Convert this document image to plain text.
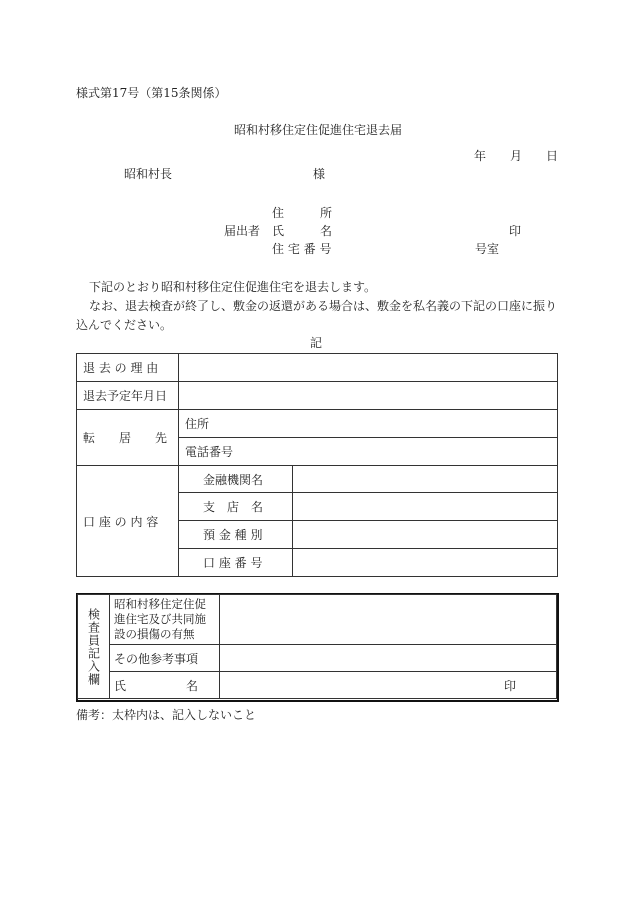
様式第17号（第15条関係）
昭和村移住定住促進住宅退去届
年 月 日
昭和村長	様
住　　　所
届出者 氏　　　名	印
住 宅 番 号	号室
下記のとおり昭和村移住定住促進住宅を退去します。
なお、退去検査が終了し、敷金の返還がある場合は、敷金を私名義の下記の口座に振り
込んでください。
記
退 去 の 理 由		
退去予定年月日		
転　　居　　先	住所	
	電話番号	
口 座 の 内 容	金融機関名	
	支　店　名	
	預 金 種 別	
	口 座 番 号	
検査員記入欄	昭和村移住定住促
進住宅及び共同施
設の損傷の有無	

	その他参考事項	
	氏　　　　　名	印
備考：太枠内は、記入しないこと
